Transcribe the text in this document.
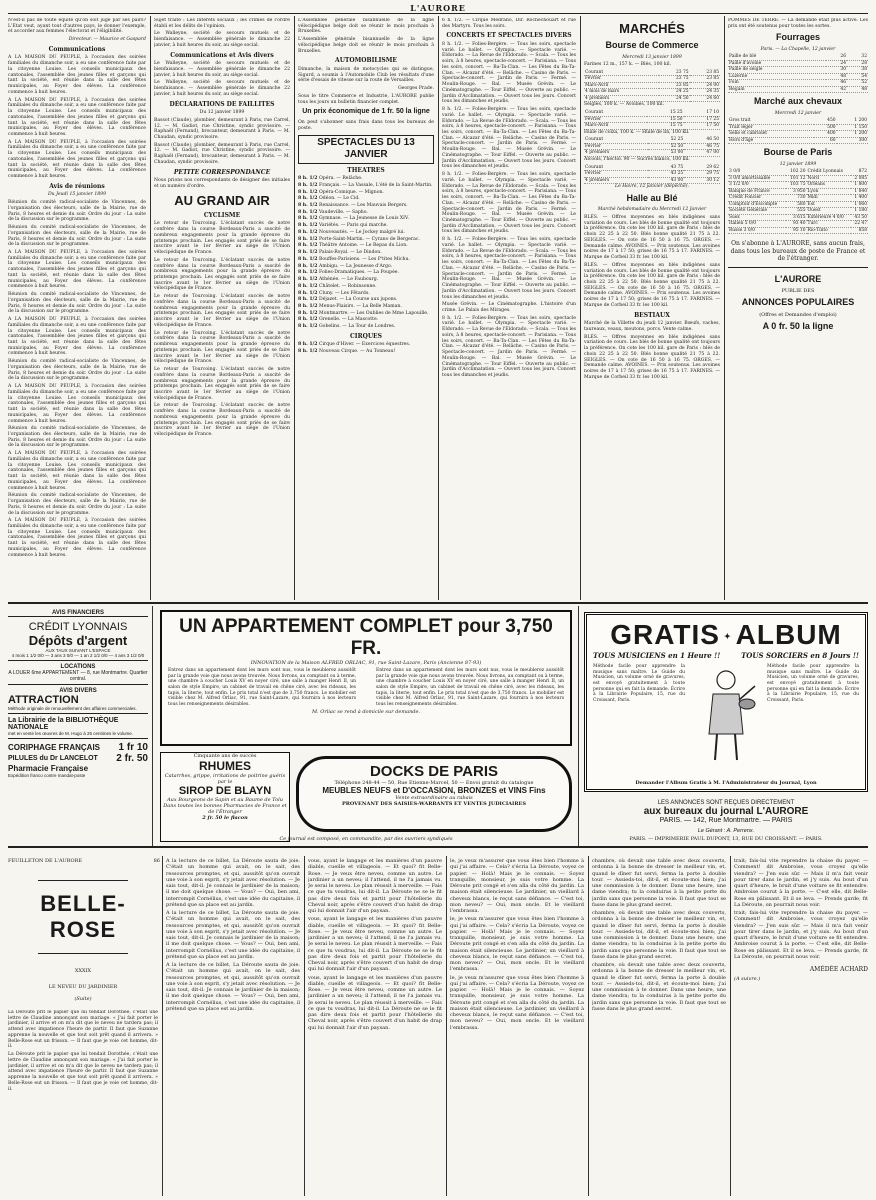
L'AURORE

N'est-il pas de toute équité qu'on soit jugé par ses pairs? L'Etat veut, ayant tout d'autres pays, le donner l'exemple, et accorder aux femmes l'électorat et l'éligibilité.

Directeur. — Maurice et Gaspard

Communications

A LA MAISON DU PEUPLE, à l'occasion des soirées familiales du dimanche soir, a eu une conférence faite par la citoyenne Louise. Les conseils municipaux des cantonales, l'assemblée des jeunes filles et garçons qui tant la société, est réunie dans la salle des fêtes municipales, au Foyer des élèves. La conférence commence à huit heures.

A LA MAISON DU PEUPLE, à l'occasion des soirées familiales du dimanche soir, a eu une conférence faite par la citoyenne Louise. Les conseils municipaux des cantonales, l'assemblée des jeunes filles et garçons qui tant la société, est réunie dans la salle des fêtes municipales, au Foyer des élèves. La conférence commence à huit heures.

A LA MAISON DU PEUPLE, à l'occasion des soirées familiales du dimanche soir, a eu une conférence faite par la citoyenne Louise. Les conseils municipaux des cantonales, l'assemblée des jeunes filles et garçons qui tant la société, est réunie dans la salle des fêtes municipales, au Foyer des élèves. La conférence commence à huit heures.

Avis de réunions

Du Jeudi 15 janvier 1899

Réunion du comité radical-socialiste de Vincennes, de l'organisation des électeurs, salle de la Mairie, rue de Paris, 8 heures et demie du soir. Ordre du jour : La suite de la discussion sur le programme.

Réunion du comité radical-socialiste de Vincennes, de l'organisation des électeurs, salle de la Mairie, rue de Paris, 8 heures et demie du soir. Ordre du jour : La suite de la discussion sur le programme.

A LA MAISON DU PEUPLE, à l'occasion des soirées familiales du dimanche soir, a eu une conférence faite par la citoyenne Louise. Les conseils municipaux des cantonales, l'assemblée des jeunes filles et garçons qui tant la société, est réunie dans la salle des fêtes municipales, au Foyer des élèves. La conférence commence à huit heures.

Réunion du comité radical-socialiste de Vincennes, de l'organisation des électeurs, salle de la Mairie, rue de Paris, 8 heures et demie du soir. Ordre du jour : La suite de la discussion sur le programme.

A LA MAISON DU PEUPLE, à l'occasion des soirées familiales du dimanche soir, a eu une conférence faite par la citoyenne Louise. Les conseils municipaux des cantonales, l'assemblée des jeunes filles et garçons qui tant la société, est réunie dans la salle des fêtes municipales, au Foyer des élèves. La conférence commence à huit heures.

Réunion du comité radical-socialiste de Vincennes, de l'organisation des électeurs, salle de la Mairie, rue de Paris, 8 heures et demie du soir. Ordre du jour : La suite de la discussion sur le programme.

A LA MAISON DU PEUPLE, à l'occasion des soirées familiales du dimanche soir, a eu une conférence faite par la citoyenne Louise. Les conseils municipaux des cantonales, l'assemblée des jeunes filles et garçons qui tant la société, est réunie dans la salle des fêtes municipales, au Foyer des élèves. La conférence commence à huit heures.

Réunion du comité radical-socialiste de Vincennes, de l'organisation des électeurs, salle de la Mairie, rue de Paris, 8 heures et demie du soir. Ordre du jour : La suite de la discussion sur le programme.

A LA MAISON DU PEUPLE, à l'occasion des soirées familiales du dimanche soir, a eu une conférence faite par la citoyenne Louise. Les conseils municipaux des cantonales, l'assemblée des jeunes filles et garçons qui tant la société, est réunie dans la salle des fêtes municipales, au Foyer des élèves. La conférence commence à huit heures.

Réunion du comité radical-socialiste de Vincennes, de l'organisation des électeurs, salle de la Mairie, rue de Paris, 8 heures et demie du soir. Ordre du jour : La suite de la discussion sur le programme.

A LA MAISON DU PEUPLE, à l'occasion des soirées familiales du dimanche soir, a eu une conférence faite par la citoyenne Louise. Les conseils municipaux des cantonales, l'assemblée des jeunes filles et garçons qui tant la société, est réunie dans la salle des fêtes municipales, au Foyer des élèves. La conférence commence à huit heures.

Sujet traité : Les intérêts sociaux ; les crimes de l'ordre établi et les délits de l'opinion.

Le Walleyne, société de secours mutuels et de bienfaisance. — Assemblée générale le dimanche 22 janvier, à huit heures du soir, au siège social.

Communications et Avis divers

Le Walleyne, société de secours mutuels et de bienfaisance. — Assemblée générale le dimanche 22 janvier, à huit heures du soir, au siège social.

Le Walleyne, société de secours mutuels et de bienfaisance. — Assemblée générale le dimanche 22 janvier, à huit heures du soir, au siège social.

DÉCLARATIONS DE FAILLITES

Du 12 janvier 1899

Bassot (Claude), plombier, demeurant à Paris, rue Carrel, 12. — M. Gadiot, rue Christine, syndic provisoire. — Raphaël (Fernand), brocanteur, demeurant à Paris. — M. Chaudan, syndic provisoire.

Bassot (Claude), plombier, demeurant à Paris, rue Carrel, 12. — M. Gadiot, rue Christine, syndic provisoire. — Raphaël (Fernand), brocanteur, demeurant à Paris. — M. Chaudan, syndic provisoire.

PETITE CORRESPONDANCE

Nous prions nos correspondants de désigner des initiales et un numéro d'ordre.

AU GRAND AIR
CYCLISME

Le retour de Tourcoing. L'éclatant succès de notre confrère dans la course Bordeaux-Paris a suscité de nombreux engagements pour la grande épreuve du printemps prochain. Les engagés sont priés de se faire inscrire avant le 1er février au siège de l'Union vélocipédique de France.

Le retour de Tourcoing. L'éclatant succès de notre confrère dans la course Bordeaux-Paris a suscité de nombreux engagements pour la grande épreuve du printemps prochain. Les engagés sont priés de se faire inscrire avant le 1er février au siège de l'Union vélocipédique de France.

Le retour de Tourcoing. L'éclatant succès de notre confrère dans la course Bordeaux-Paris a suscité de nombreux engagements pour la grande épreuve du printemps prochain. Les engagés sont priés de se faire inscrire avant le 1er février au siège de l'Union vélocipédique de France.

Le retour de Tourcoing. L'éclatant succès de notre confrère dans la course Bordeaux-Paris a suscité de nombreux engagements pour la grande épreuve du printemps prochain. Les engagés sont priés de se faire inscrire avant le 1er février au siège de l'Union vélocipédique de France.

Le retour de Tourcoing. L'éclatant succès de notre confrère dans la course Bordeaux-Paris a suscité de nombreux engagements pour la grande épreuve du printemps prochain. Les engagés sont priés de se faire inscrire avant le 1er février au siège de l'Union vélocipédique de France.

Le retour de Tourcoing. L'éclatant succès de notre confrère dans la course Bordeaux-Paris a suscité de nombreux engagements pour la grande épreuve du printemps prochain. Les engagés sont priés de se faire inscrire avant le 1er février au siège de l'Union vélocipédique de France.

L'Assemblée générale bisannuelle de la ligne vélocipédique belge doit se réunir le mois prochain à Bruxelles.

L'Assemblée générale bisannuelle de la ligne vélocipédique belge doit se réunir le mois prochain à Bruxelles.

AUTOMOBILISME

Dimanche, la maison de motocycles qui se distingue, Sigurd, a soumis à l'Automobile Club les résultats d'une série d'essais de vitesse sur la route de Versailles.

Georges Prade.

Sous le titre Commerce et Industrie, L'AURORE publie tous les jours un bulletin financier complet.

Un prix économique de 1 fr. 50 la ligne

On peut s'abonner sans frais dans tous les bureaux de poste.

SPECTACLES DU 13 JANVIER
THEATRES
8 h. 1/2 Opéra. — Relâche.
8 h. 1/2 Français. — La Vassale, L'été de la Saint-Martin.
8 h. 1/2 Opéra-Comique. — Mignon.
8 h. 1/2 Odéon. — Le Cid.
8 h. 1/2 Renaissance. — Les Mauvais Bergers.
8 h. 1/2 Vaudeville. — Sapho.
8 h. 1/2 Gymnase. — La Jeunesse de Louis XIV.
8 h. 1/2 Variétés. — Paris qui marche.
8 h. 1/2 Nouveautés. — Le Jockey malgré lui.
8 h. 1/2 Porte-Saint-Martin. — Cyrano de Bergerac.
8 h. 1/2 Théâtre Antoine. — Le Repas du Lion.
8 h. 1/2 Palais-Royal. — Le Dindon.
8 h. 1/2 Bouffes-Parisiens. — Les P'tites Michu.
8 h. 1/2 Ambigu. — La Jeunesse d'Argo.
8 h. 1/2 Folies-Dramatiques. — La Poupée.
8 h. 1/2 Athénée. — Le Faubourg.
8 h. 1/2 Châtelet. — Robinsonne.
8 h. 1/2 Cluny. — Les Fêtards.
8 h. 1/2 Déjazet. — La Course aux jupons.
8 h. 1/2 Menus-Plaisirs. — La Belle Maman.
8 h. 1/2 Montmartre. — Les Oublies de Mme Lapouille.
8 h. 1/2 Grenelle. — La Mascotte.
8 h. 1/2 Gobelins. — La Tour de Londres.
CIRQUES
8 h. 1/2 Cirque d'Hiver. — Exercices équestres.
8 h. 1/2 Nouveau Cirque. — Au Tonneau!

6 h. 1/2. — Cirque Medrano, Dir. Rochechouart et rue des Martyrs. Tous les soirs.

CONCERTS ET SPECTACLES DIVERS

8 h. 1/2. — Folies-Bergère. — Tous les soirs, spectacle varié. Le ballet. — Olympia. — Spectacle varié. — Eldorado. — La Revue de l'Eldorado. — Scala. — Tous les soirs, à 8 heures, spectacle-concert. — Parisiana. — Tous les soirs, concert. — Ba-Ta-Clan. — Les Fêtes du Ba-Ta-Clan. — Alcazar d'été. — Relâche. — Casino de Paris. — Spectacle-concert. — Jardin de Paris. — Fermé. — Moulin-Rouge. — Bal. — Musée Grévin. — Le Cinématographe. — Tour Eiffel. — Ouverte au public. — Jardin d'Acclimatation. — Ouvert tous les jours. Concert tous les dimanches et jeudis.

8 h. 1/2. — Folies-Bergère. — Tous les soirs, spectacle varié. Le ballet. — Olympia. — Spectacle varié. — Eldorado. — La Revue de l'Eldorado. — Scala. — Tous les soirs, à 8 heures, spectacle-concert. — Parisiana. — Tous les soirs, concert. — Ba-Ta-Clan. — Les Fêtes du Ba-Ta-Clan. — Alcazar d'été. — Relâche. — Casino de Paris. — Spectacle-concert. — Jardin de Paris. — Fermé. — Moulin-Rouge. — Bal. — Musée Grévin. — Le Cinématographe. — Tour Eiffel. — Ouverte au public. — Jardin d'Acclimatation. — Ouvert tous les jours. Concert tous les dimanches et jeudis.

8 h. 1/2. — Folies-Bergère. — Tous les soirs, spectacle varié. Le ballet. — Olympia. — Spectacle varié. — Eldorado. — La Revue de l'Eldorado. — Scala. — Tous les soirs, à 8 heures, spectacle-concert. — Parisiana. — Tous les soirs, concert. — Ba-Ta-Clan. — Les Fêtes du Ba-Ta-Clan. — Alcazar d'été. — Relâche. — Casino de Paris. — Spectacle-concert. — Jardin de Paris. — Fermé. — Moulin-Rouge. — Bal. — Musée Grévin. — Le Cinématographe. — Tour Eiffel. — Ouverte au public. — Jardin d'Acclimatation. — Ouvert tous les jours. Concert tous les dimanches et jeudis.

8 h. 1/2. — Folies-Bergère. — Tous les soirs, spectacle varié. Le ballet. — Olympia. — Spectacle varié. — Eldorado. — La Revue de l'Eldorado. — Scala. — Tous les soirs, à 8 heures, spectacle-concert. — Parisiana. — Tous les soirs, concert. — Ba-Ta-Clan. — Les Fêtes du Ba-Ta-Clan. — Alcazar d'été. — Relâche. — Casino de Paris. — Spectacle-concert. — Jardin de Paris. — Fermé. — Moulin-Rouge. — Bal. — Musée Grévin. — Le Cinématographe. — Tour Eiffel. — Ouverte au public. — Jardin d'Acclimatation. — Ouvert tous les jours. Concert tous les dimanches et jeudis.

Musée Grévin. — Le Cinématographe. L'histoire d'un crime. Le Palais des Mirages.

8 h. 1/2. — Folies-Bergère. — Tous les soirs, spectacle varié. Le ballet. — Olympia. — Spectacle varié. — Eldorado. — La Revue de l'Eldorado. — Scala. — Tous les soirs, à 8 heures, spectacle-concert. — Parisiana. — Tous les soirs, concert. — Ba-Ta-Clan. — Les Fêtes du Ba-Ta-Clan. — Alcazar d'été. — Relâche. — Casino de Paris. — Spectacle-concert. — Jardin de Paris. — Fermé. — Moulin-Rouge. — Bal. — Musée Grévin. — Le Cinématographe. — Tour Eiffel. — Ouverte au public. — Jardin d'Acclimatation. — Ouvert tous les jours. Concert tous les dimanches et jeudis.

MARCHÉS
Bourse de Commerce

Mercredi 13 janvier 1899

Farines 12 m., 157 k. — Blés, 100 kil.

Courant	23 75	23 85
Février	23 75	23 85
Mars-Avril	23 85	24 00
4 mois de mars	24 25	24 35
4 premiers	24 50	24 60

Seigles, 100 k. — Avoines, 100 kil.

Courant	15 25	17 10
Février	15 50	17 25
Mars-Avril	15 75	17 50

Huile de colza, 100 k. — Huile de lin, 100 kil.

Courant	52 25	46 50
Février	52 50	46 75
4 premiers	53 00	47 00

Alcools, l'hectol. 90 — Sucres blancs, 100 kil.

Courant	43 75	29 62
Février	43 25	29 75
4 premiers	43 00	30 12

Le Havre, 12 janvier (dépêche).

Halle au Blé

Marché hebdomadaire du Mercredi 12 Janvier

BLÉS. — Offres moyennes en blés indigènes sans variation de cours. Les blés de bonne qualité ont toujours la préférence. On cote les 100 kil. gare de Paris : blés de choix 22 25 à 22 50. Blés bonne qualité 21 75 à 22. SEIGLES. — On cote de 16 50 à 16 75. ORGES. — Demande calme. AVOINES. — Prix soutenus. Les avoines noires de 17 à 17 50; grises de 16 75 à 17. FARINES. — Marque de Corbeil 33 fr. les 100 kil.

BLÉS. — Offres moyennes en blés indigènes sans variation de cours. Les blés de bonne qualité ont toujours la préférence. On cote les 100 kil. gare de Paris : blés de choix 22 25 à 22 50. Blés bonne qualité 21 75 à 22. SEIGLES. — On cote de 16 50 à 16 75. ORGES. — Demande calme. AVOINES. — Prix soutenus. Les avoines noires de 17 à 17 50; grises de 16 75 à 17. FARINES. — Marque de Corbeil 33 fr. les 100 kil.

BESTIAUX

Marché de la Villette du jeudi 12 janvier. Bœufs, vaches, taureaux, veaux, moutons, porcs. Vente calme.

BLÉS. — Offres moyennes en blés indigènes sans variation de cours. Les blés de bonne qualité ont toujours la préférence. On cote les 100 kil. gare de Paris : blés de choix 22 25 à 22 50. Blés bonne qualité 21 75 à 22. SEIGLES. — On cote de 16 50 à 16 75. ORGES. — Demande calme. AVOINES. — Prix soutenus. Les avoines noires de 17 à 17 50; grises de 16 75 à 17. FARINES. — Marque de Corbeil 33 fr. les 100 kil.

POMMES DE TERRE. — La demande était plus active. Les prix ont été soutenus pour toutes les sortes.

Fourrages

Paris. — La Chapelle, 12 janvier

Paille de blé	26	32
Paille d'avoine	24	28
Paille de seigle	30	38
Luzerne	48	54
Foin	46	52
Regain	42	48
Marché aux chevaux

Mercredi 12 janvier

Gros trait	450	1 200
Trait léger	500	1 150
Selle et cabriolet	400	1 200
Hors d'âge	60	300
Bourse de Paris

12 janvier 1899

3 0/0	102 20	Crédit Lyonnais	872
3 0/0 amortissable	101 12	Nord	2 085
3 1/2 0/0	103 75	Orléans	1 800
Banque de France	3 950	Lyon	1 840
Crédit Foncier	730	Midi	1 400
Comptoir d'Escompte	580	Est	1 060
Société Générale	555	Ouest	1 180
Suez	3 615	Extérieure 4 0/0	43 50
Italien 5 0/0	93 40	Turc	22 47
Russe 3 0/0	95 10	Rio-Tinto	858

On s'abonne à L'AURORE, sans aucun frais, dans tous les bureaux de poste de France et de l'étranger.

L'AURORE
PUBLIE DES
ANNONCES POPULAIRES
(Offres et Demandes d'emploi)
A 0 fr. 50 la ligne
AVIS FINANCIERS
CRÉDIT LYONNAIS
Dépôts d'argent
AUX TAUX SUIVANT L'ESPACE
4 mois 1 1/2 0/0 — 3 ans 3 0/0 — 1 an 2 1/2 0/0 — 4 ans 3 1/2 0/0
LOCATIONS
A LOUER 6me APPARTEMENT — 8, rue Montmartre. Quartier central.
AVIS DIVERS
ATTRACTION
Méthode originale de renouvellement des affaires commerciales.
La Librairie de la BIBLIOTHÈQUE NATIONALE
met en vente les œuvres de M. Hugo à 25 centimes le volume.
CORIPHAGE FRANÇAIS 1 fr 10
PILULES du Dr LANCELOT 2 fr. 50
Pharmacie Française
Expédition franco contre mandat-poste
UN APPARTEMENT COMPLET pour 3,750 FR.
INNOVATION de la Maison ALFRED ORLIAC, 91, rue Saint-Lazare, Paris (Ancienne 87-93)
Entrez dans un appartement dont les murs sont nus, vous le meublerez aussitôt par la grande voie que nous avons trouvée. Nous livrons, au comptant ou à terme, une chambre à coucher Louis XV en noyer ciré, une salle à manger Henri II, un salon de style Empire, un cabinet de travail en chêne ciré, avec les rideaux, les tapis, la literie, tout enfin. Le prix total n'est que de 3,750 francs. Le mobilier est visible chez M. Alfred Orliac, 91, rue Saint-Lazare, qui fournira à nos lecteurs tous les renseignements désirables.
Entrez dans un appartement dont les murs sont nus, vous le meublerez aussitôt par la grande voie que nous avons trouvée. Nous livrons, au comptant ou à terme, une chambre à coucher Louis XV en noyer ciré, une salle à manger Henri II, un salon de style Empire, un cabinet de travail en chêne ciré, avec les rideaux, les tapis, la literie, tout enfin. Le prix total n'est que de 3,750 francs. Le mobilier est visible chez M. Alfred Orliac, 91, rue Saint-Lazare, qui fournira à nos lecteurs tous les renseignements désirables.
M. Orliac se rend à domicile sur demande.
Cinquante ans de succès
RHUMES
Catarrhes, grippe, irritations de poitrine guéris par le
SIROP DE BLAYN
Aux Bourgeons de Sapin et au Baume de Tolu
Dans toutes les bonnes Pharmacies de France et de l'Étranger
2 fr. 50 le flacon
DOCKS DE PARIS
Téléphone 248-44 — 50, Rue Etienne-Marcel, 50 — Envoi gratuit du catalogue
MEUBLES NEUFS et D'OCCASION, BRONZES et VINS Fins
Vente extraordinaire au rabais
PROVENANT DES SAISIES-WARRANTS ET VENTES JUDICIAIRES
Ce journal est composé, en commandite, par des ouvriers syndiqués
GRATIS ✦ ALBUM
TOUS MUSICIENS en 1 Heure !!	TOUS SORCIERS en 8 Jours !!
Méthode facile pour apprendre la musique sans maître. Le Guide du Musicien, un volume orné de gravures, est envoyé gratuitement à toute personne qui en fait la demande. Écrire à la Librairie Populaire, 15, rue du Croissant, Paris.
Méthode facile pour apprendre la musique sans maître. Le Guide du Musicien, un volume orné de gravures, est envoyé gratuitement à toute personne qui en fait la demande. Écrire à la Librairie Populaire, 15, rue du Croissant, Paris.
Demander l'Album Gratis à M. l'Administrateur du Journal, Lyon
LES ANNONCES SONT REÇUES DIRECTEMENT
aux bureaux du journal L'AURORE
PARIS. — 142, Rue Montmartre. — PARIS
Le Gérant : A. Perrenx.
PARIS. — IMPRIMERIE PAUL DUPONT, 13, RUE DU CROISSANT. — PARIS.
FEUILLETON DE L'AURORE	86
BELLE-ROSE
XXXIX
LE NEVEU DU JARDINIER
(Suite)

La Déroute prit le papier que lui tendait Dorothée, c'était une lettre de Claudine annonçant son mariage. « J'ai fait porter le jardinier, il arrive et on m'a dit que le neveu ne tardera pas; il attend avec impatience l'heure de partir. Il faut que Suzanne apprenne la nouvelle et que tout soit prêt quand il arrivera. » Belle-Rose eut un frisson. — Il faut que je voie cet homme, dit-il.

La Déroute prit le papier que lui tendait Dorothée, c'était une lettre de Claudine annonçant son mariage. « J'ai fait porter le jardinier, il arrive et on m'a dit que le neveu ne tardera pas; il attend avec impatience l'heure de partir. Il faut que Suzanne apprenne la nouvelle et que tout soit prêt quand il arrivera. » Belle-Rose eut un frisson. — Il faut que je voie cet homme, dit-il.

A la lecture de ce billet, La Déroute sauta de joie. C'était un homme qui avait, on le sait, des ressources promptes, et qui, aussitôt qu'on ouvrait une voie à son esprit, s'y jetait avec résolution. — Je sais tout, dit-il. Je connais le jardinier de la maison; il me doit quelque chose. — Vous? — Oui, ben ami, interrompit Cornélius, c'est une idée du capitaine, il prétend que sa place est au jardin.

A la lecture de ce billet, La Déroute sauta de joie. C'était un homme qui avait, on le sait, des ressources promptes, et qui, aussitôt qu'on ouvrait une voie à son esprit, s'y jetait avec résolution. — Je sais tout, dit-il. Je connais le jardinier de la maison; il me doit quelque chose. — Vous? — Oui, ben ami, interrompit Cornélius, c'est une idée du capitaine, il prétend que sa place est au jardin.

A la lecture de ce billet, La Déroute sauta de joie. C'était un homme qui avait, on le sait, des ressources promptes, et qui, aussitôt qu'on ouvrait une voie à son esprit, s'y jetait avec résolution. — Je sais tout, dit-il. Je connais le jardinier de la maison; il me doit quelque chose. — Vous? — Oui, ben ami, interrompit Cornélius, c'est une idée du capitaine, il prétend que sa place est au jardin.

vous, ayant le langage et les manières d'un pauvre diable, cueille et villageois. — Et quoi? fit Belle-Rose. — Je veux être neveu, comme un autre. Le jardinier a un neveu; il l'attend, il ne l'a jamais vu. Je serai le neveu. Le plan réussit à merveille. — Fais ce que tu voudras, lui dit-il. La Déroute ne se le fit pas dire deux fois et partit pour l'hôtellerie du Cheval noir, après s'être couvert d'un habit de drap qui lui donnait l'air d'un paysan.

vous, ayant le langage et les manières d'un pauvre diable, cueille et villageois. — Et quoi? fit Belle-Rose. — Je veux être neveu, comme un autre. Le jardinier a un neveu; il l'attend, il ne l'a jamais vu. Je serai le neveu. Le plan réussit à merveille. — Fais ce que tu voudras, lui dit-il. La Déroute ne se le fit pas dire deux fois et partit pour l'hôtellerie du Cheval noir, après s'être couvert d'un habit de drap qui lui donnait l'air d'un paysan.

vous, ayant le langage et les manières d'un pauvre diable, cueille et villageois. — Et quoi? fit Belle-Rose. — Je veux être neveu, comme un autre. Le jardinier a un neveu; il l'attend, il ne l'a jamais vu. Je serai le neveu. Le plan réussit à merveille. — Fais ce que tu voudras, lui dit-il. La Déroute ne se le fit pas dire deux fois et partit pour l'hôtellerie du Cheval noir, après s'être couvert d'un habit de drap qui lui donnait l'air d'un paysan.

le, je veux m'assurer que vous êtes bien l'homme à qui j'ai affaire. — Cela? s'écria La Déroute, voyez ce papier. — Holà! Mais je le connais. — Soyez tranquille, monsieur, je suis votre homme. La Déroute prit congé et s'en alla du côté du jardin. La maison était silencieuse. Le jardinier, un vieillard à cheveux blancs, le reçut sans défiance. — C'est toi, mon neveu? — Oui, mon oncle. Et le vieillard l'embrassa.

le, je veux m'assurer que vous êtes bien l'homme à qui j'ai affaire. — Cela? s'écria La Déroute, voyez ce papier. — Holà! Mais je le connais. — Soyez tranquille, monsieur, je suis votre homme. La Déroute prit congé et s'en alla du côté du jardin. La maison était silencieuse. Le jardinier, un vieillard à cheveux blancs, le reçut sans défiance. — C'est toi, mon neveu? — Oui, mon oncle. Et le vieillard l'embrassa.

le, je veux m'assurer que vous êtes bien l'homme à qui j'ai affaire. — Cela? s'écria La Déroute, voyez ce papier. — Holà! Mais je le connais. — Soyez tranquille, monsieur, je suis votre homme. La Déroute prit congé et s'en alla du côté du jardin. La maison était silencieuse. Le jardinier, un vieillard à cheveux blancs, le reçut sans défiance. — C'est toi, mon neveu? — Oui, mon oncle. Et le vieillard l'embrassa.

chambre, où devait une table avec deux couverts, ordonna à la bonne de dresser le meilleur vin, et, quand le dîner fut servi, ferma la porte à double tour. — Assieds-toi, dit-il, et écoute-moi bien; j'ai une commission à te donner. Dans une heure, une dame viendra; tu la conduiras à la petite porte du jardin sans que personne la voie. Il faut que tout se fasse dans le plus grand secret.

chambre, où devait une table avec deux couverts, ordonna à la bonne de dresser le meilleur vin, et, quand le dîner fut servi, ferma la porte à double tour. — Assieds-toi, dit-il, et écoute-moi bien; j'ai une commission à te donner. Dans une heure, une dame viendra; tu la conduiras à la petite porte du jardin sans que personne la voie. Il faut que tout se fasse dans le plus grand secret.

chambre, où devait une table avec deux couverts, ordonna à la bonne de dresser le meilleur vin, et, quand le dîner fut servi, ferma la porte à double tour. — Assieds-toi, dit-il, et écoute-moi bien; j'ai une commission à te donner. Dans une heure, une dame viendra; tu la conduiras à la petite porte du jardin sans que personne la voie. Il faut que tout se fasse dans le plus grand secret.

trait; fais-lui vite reprendre la chaise du payer. — Comment! dit Ambroise, vous croyez qu'elle viendra? — J'en suis sûr. — Mais il m'a fait venir pour tirer dans le jardin, et j'y suis. Au bout d'un quart d'heure, le bruit d'une voiture se fit entendre. Ambroise courut à la porte. — C'est elle, dit Belle-Rose en pâlissant. Et il se leva. — Prends garde, fit La Déroute, on pourrait nous voir.

trait; fais-lui vite reprendre la chaise du payer. — Comment! dit Ambroise, vous croyez qu'elle viendra? — J'en suis sûr. — Mais il m'a fait venir pour tirer dans le jardin, et j'y suis. Au bout d'un quart d'heure, le bruit d'une voiture se fit entendre. Ambroise courut à la porte. — C'est elle, dit Belle-Rose en pâlissant. Et il se leva. — Prends garde, fit La Déroute, on pourrait nous voir.

AMÉDÉE ACHARD

(A suivre.)
